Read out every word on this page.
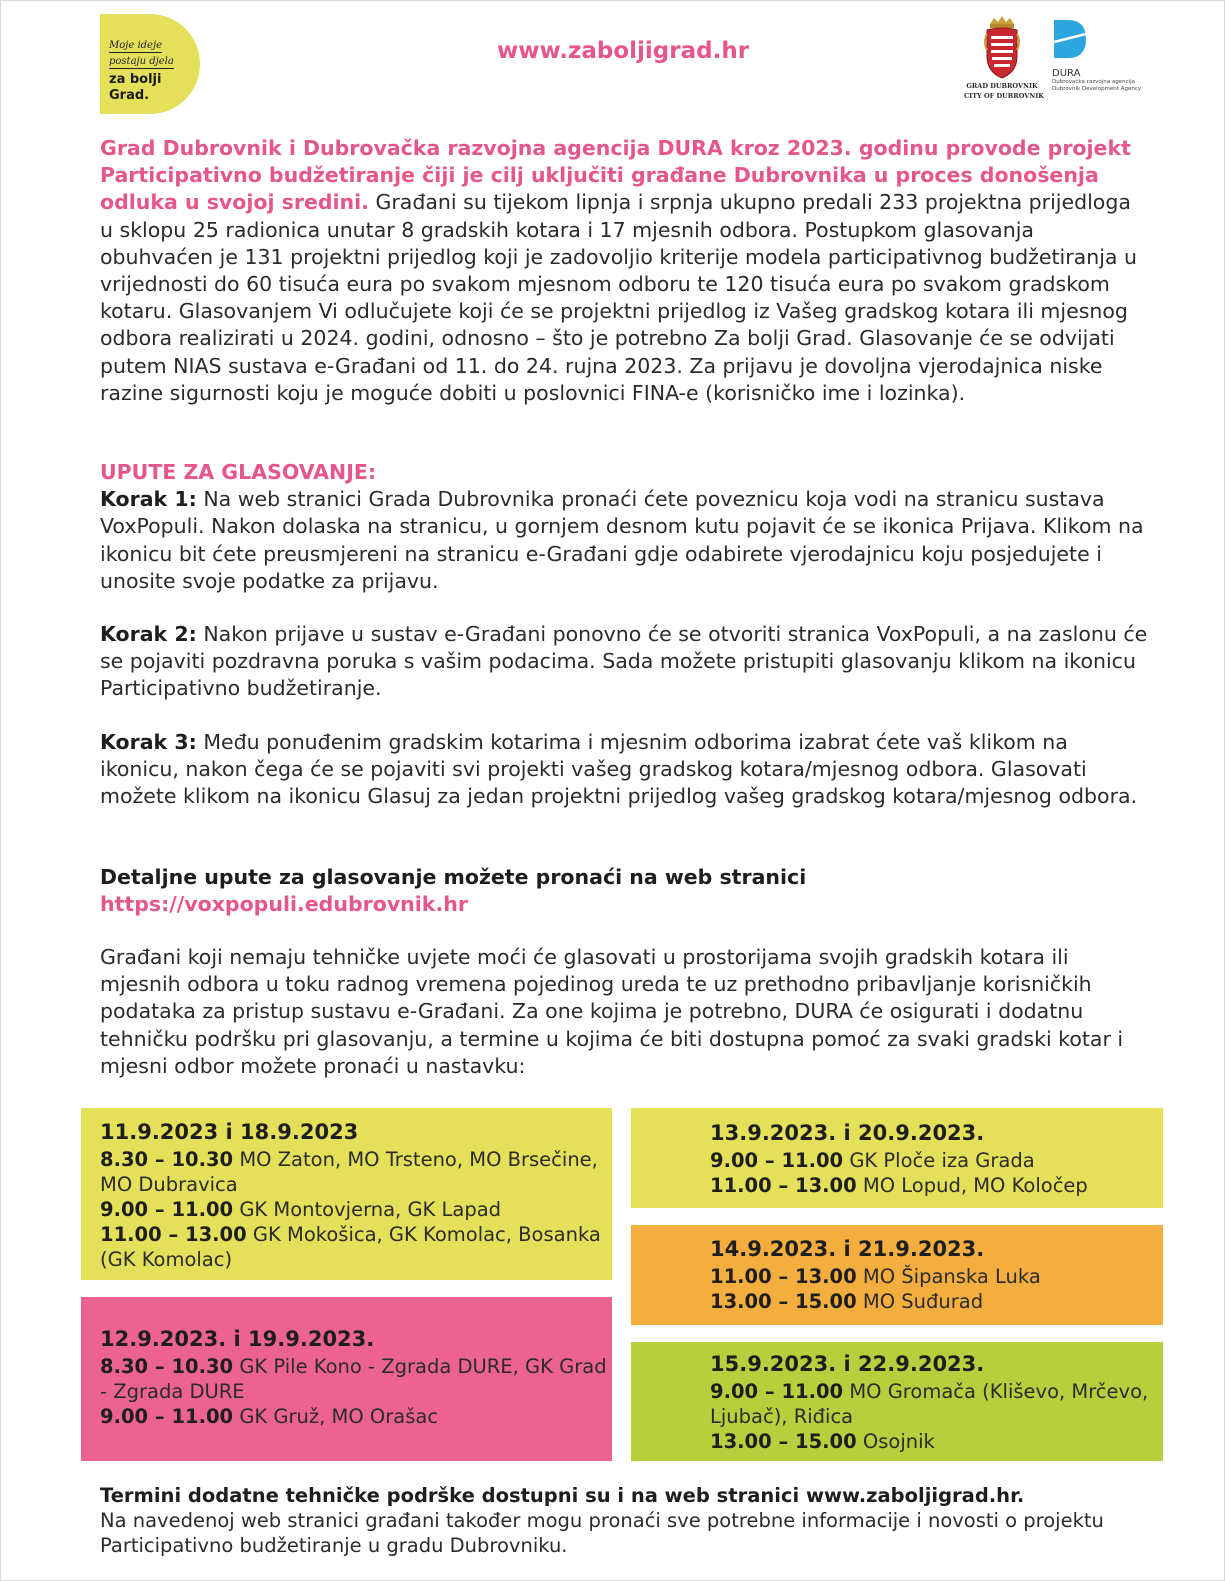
Moje ideje
postaju djela
za bolji
Grad.
www.zaboljigrad.hr
GRAD DUBROVNIK
CITY OF DUBROVNIK
DURA
Dubrovačka razvojna agencija
Dubrovnik Development Agency
Grad Dubrovnik i Dubrovačka razvojna agencija DURA kroz 2023. godinu provode projekt Participativno budžetiranje čiji je cilj uključiti građane Dubrovnika u proces donošenja odluka u svojoj sredini. Građani su tijekom lipnja i srpnja ukupno predali 233 projektna prijedloga u sklopu 25 radionica unutar 8 gradskih kotara i 17 mjesnih odbora. Postupkom glasovanja obuhvaćen je 131 projektni prijedlog koji je zadovoljio kriterije modela participativnog budžetiranja u vrijednosti do 60 tisuća eura po svakom mjesnom odboru te 120 tisuća eura po svakom gradskom kotaru. Glasovanjem Vi odlučujete koji će se projektni prijedlog iz Vašeg gradskog kotara ili mjesnog odbora realizirati u 2024. godini, odnosno – što je potrebno Za bolji Grad. Glasovanje će se odvijati putem NIAS sustava e-Građani od 11. do 24. rujna 2023. Za prijavu je dovoljna vjerodajnica niske razine sigurnosti koju je moguće dobiti u poslovnici FINA-e (korisničko ime i lozinka).

UPUTE ZA GLASOVANJE:

Korak 1: Na web stranici Grada Dubrovnika pronaći ćete poveznicu koja vodi na stranicu sustava VoxPopuli. Nakon dolaska na stranicu, u gornjem desnom kutu pojavit će se ikonica Prijava. Klikom na ikonicu bit ćete preusmjereni na stranicu e-Građani gdje odabirete vjerodajnicu koju posjedujete i unosite svoje podatke za prijavu.

Korak 2: Nakon prijave u sustav e-Građani ponovno će se otvoriti stranica VoxPopuli, a na zaslonu će se pojaviti pozdravna poruka s vašim podacima. Sada možete pristupiti glasovanju klikom na ikonicu Participativno budžetiranje.

Korak 3: Među ponuđenim gradskim kotarima i mjesnim odborima izabrat ćete vaš klikom na ikonicu, nakon čega će se pojaviti svi projekti vašeg gradskog kotara/mjesnog odbora. Glasovati možete klikom na ikonicu Glasuj za jedan projektni prijedlog vašeg gradskog kotara/mjesnog odbora.

Detaljne upute za glasovanje možete pronaći na web stranici

https://voxpopuli.edubrovnik.hr

Građani koji nemaju tehničke uvjete moći će glasovati u prostorijama svojih gradskih kotara ili mjesnih odbora u toku radnog vremena pojedinog ureda te uz prethodno pribavljanje korisničkih podataka za pristup sustavu e-Građani. Za one kojima je potrebno, DURA će osigurati i dodatnu tehničku podršku pri glasovanju, a termine u kojima će biti dostupna pomoć za svaki gradski kotar i mjesni odbor možete pronaći u nastavku:

11.9.2023 i 18.9.2023
8.30 – 10.30 MO Zaton, MO Trsteno, MO Brsečine, MO Dubravica
9.00 – 11.00 GK Montovjerna, GK Lapad
11.00 – 13.00 GK Mokošica, GK Komolac, Bosanka (GK Komolac)
12.9.2023. i 19.9.2023.
8.30 – 10.30 GK Pile Kono - Zgrada DURE, GK Grad - Zgrada DURE
9.00 – 11.00 GK Gruž, MO Orašac
13.9.2023. i 20.9.2023.
9.00 – 11.00 GK Ploče iza Grada
11.00 – 13.00 MO Lopud, MO Koločep
14.9.2023. i 21.9.2023.
11.00 – 13.00 MO Šipanska Luka
13.00 – 15.00 MO Suđurad
15.9.2023. i 22.9.2023.
9.00 – 11.00 MO Gromača (Kliševo, Mrčevo, Ljubač), Riđica
13.00 – 15.00 Osojnik
Termini dodatne tehničke podrške dostupni su i na web stranici www.zaboljigrad.hr.
Na navedenoj web stranici građani također mogu pronaći sve potrebne informacije i novosti o projektu Participativno budžetiranje u gradu Dubrovniku.
